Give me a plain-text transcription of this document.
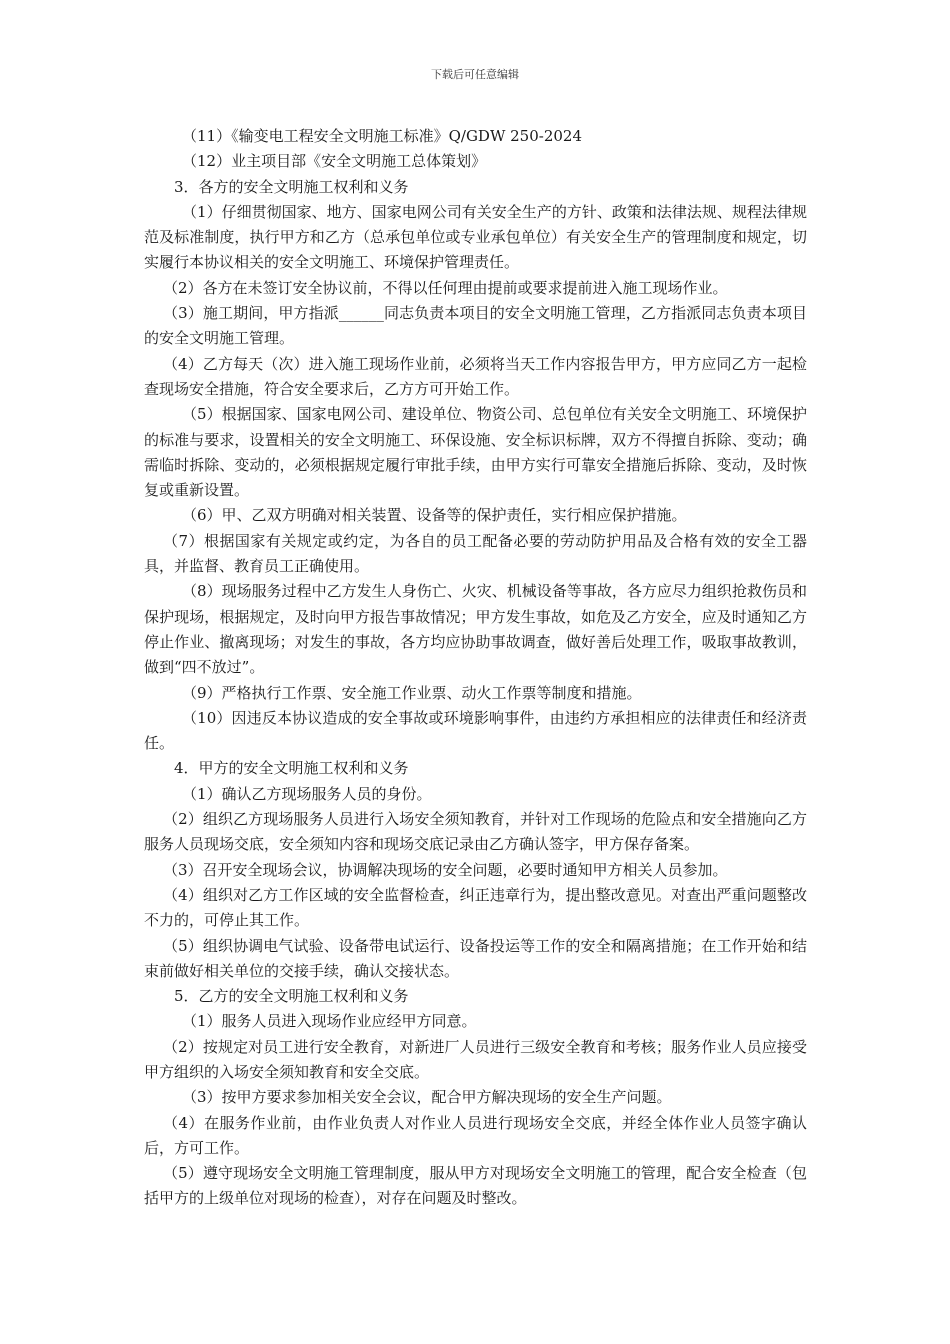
下载后可任意编辑

（11）《输变电工程安全文明施工标准》Q/GDW 250-2024

（12）业主项目部《安全文明施工总体策划》

3．各方的安全文明施工权利和义务

（1）仔细贯彻国家、地方、国家电网公司有关安全生产的方针、政策和法律法规、规程法律规范及标准制度，执行甲方和乙方（总承包单位或专业承包单位）有关安全生产的管理制度和规定，切实履行本协议相关的安全文明施工、环境保护管理责任。

（2）各方在未签订安全协议前，不得以任何理由提前或要求提前进入施工现场作业。

（3）施工期间，甲方指派______同志负责本项目的安全文明施工管理，乙方指派同志负责本项目的安全文明施工管理。

（4）乙方每天（次）进入施工现场作业前，必须将当天工作内容报告甲方，甲方应同乙方一起检查现场安全措施，符合安全要求后，乙方方可开始工作。

（5）根据国家、国家电网公司、建设单位、物资公司、总包单位有关安全文明施工、环境保护的标准与要求，设置相关的安全文明施工、环保设施、安全标识标牌，双方不得擅自拆除、变动；确需临时拆除、变动的，必须根据规定履行审批手续，由甲方实行可靠安全措施后拆除、变动，及时恢复或重新设置。

（6）甲、乙双方明确对相关装置、设备等的保护责任，实行相应保护措施。

（7）根据国家有关规定或约定，为各自的员工配备必要的劳动防护用品及合格有效的安全工器具，并监督、教育员工正确使用。

（8）现场服务过程中乙方发生人身伤亡、火灾、机械设备等事故，各方应尽力组织抢救伤员和保护现场，根据规定，及时向甲方报告事故情况；甲方发生事故，如危及乙方安全，应及时通知乙方停止作业、撤离现场；对发生的事故，各方均应协助事故调查，做好善后处理工作，吸取事故教训，做到“四不放过”。

（9）严格执行工作票、安全施工作业票、动火工作票等制度和措施。

（10）因违反本协议造成的安全事故或环境影响事件，由违约方承担相应的法律责任和经济责任。

4．甲方的安全文明施工权利和义务

（1）确认乙方现场服务人员的身份。

（2）组织乙方现场服务人员进行入场安全须知教育，并针对工作现场的危险点和安全措施向乙方服务人员现场交底，安全须知内容和现场交底记录由乙方确认签字，甲方保存备案。

（3）召开安全现场会议，协调解决现场的安全问题，必要时通知甲方相关人员参加。

（4）组织对乙方工作区域的安全监督检查，纠正违章行为，提出整改意见。对查出严重问题整改不力的，可停止其工作。

（5）组织协调电气试验、设备带电试运行、设备投运等工作的安全和隔离措施；在工作开始和结束前做好相关单位的交接手续，确认交接状态。

5．乙方的安全文明施工权利和义务

（1）服务人员进入现场作业应经甲方同意。

（2）按规定对员工进行安全教育，对新进厂人员进行三级安全教育和考核；服务作业人员应接受甲方组织的入场安全须知教育和安全交底。

（3）按甲方要求参加相关安全会议，配合甲方解决现场的安全生产问题。

（4）在服务作业前，由作业负责人对作业人员进行现场安全交底，并经全体作业人员签字确认后，方可工作。

（5）遵守现场安全文明施工管理制度，服从甲方对现场安全文明施工的管理，配合安全检查（包括甲方的上级单位对现场的检查），对存在问题及时整改。
